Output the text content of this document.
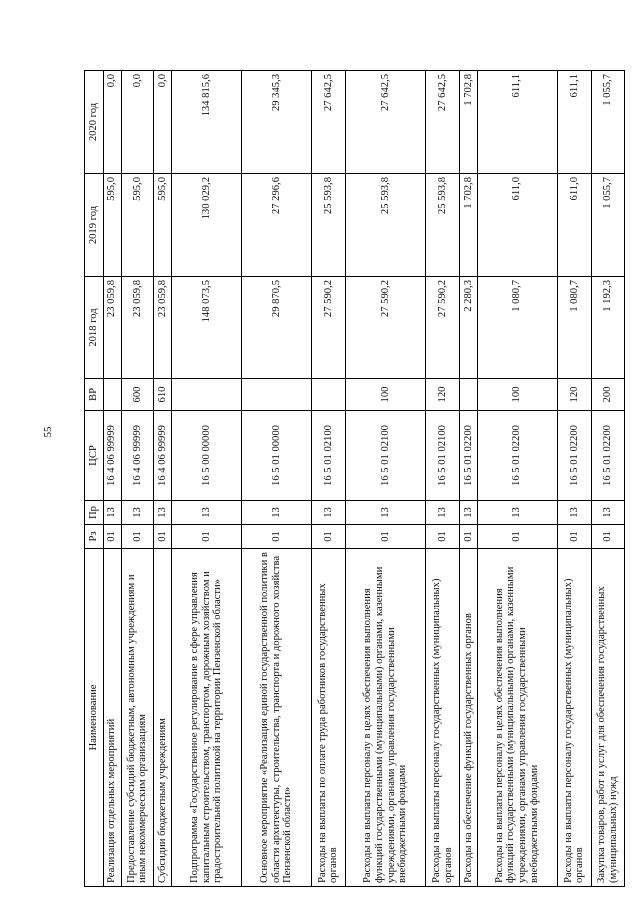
55
Наименование	Рз	Пр	ЦСР	ВР	2018 год	2019 год	2020 год
Реализация отдельных мероприятий	01	13	16 4 06 99999		23 059,8	595,0	0,0
Предоставление субсидий бюджетным, автономным учреждениям и иным некоммерческим организациям	01	13	16 4 06 99999	600	23 059,8	595,0	0,0
Субсидии бюджетным учреждениям	01	13	16 4 06 99999	610	23 059,8	595,0	0,0
Подпрограмма «Государственное регулирование в сфере управления капитальным строительством, транспортом, дорожным хозяйством и градостроительной политикой на территории Пензенской области»	01	13	16 5 00 00000		148 073,5	130 029,2	134 815,6
Основное мероприятие «Реализация единой государственной политики в области архитектуры, строительства, транспорта и дорожного хозяйства Пензенской области»	01	13	16 5 01 00000		29 870,5	27 296,6	29 345,3
Расходы на выплаты по оплате труда работников государственных органов	01	13	16 5 01 02100		27 590,2	25 593,8	27 642,5
Расходы на выплаты персоналу в целях обеспечения выполнения функций государственными (муниципальными) органами, казенными учреждениями, органами управления государственными внебюджетными фондами	01	13	16 5 01 02100	100	27 590,2	25 593,8	27 642,5
Расходы на выплаты персоналу государственных (муниципальных) органов	01	13	16 5 01 02100	120	27 590,2	25 593,8	27 642,5
Расходы на обеспечение функций государственных органов	01	13	16 5 01 02200		2 280,3	1 702,8	1 702,8
Расходы на выплаты персоналу в целях обеспечения выполнения функций государственными (муниципальными) органами, казенными учреждениями, органами управления государственными внебюджетными фондами	01	13	16 5 01 02200	100	1 080,7	611,0	611,1
Расходы на выплаты персоналу государственных (муниципальных) органов	01	13	16 5 01 02200	120	1 080,7	611,0	611,1
Закупка товаров, работ и услуг для обеспечения государственных (муниципальных) нужд	01	13	16 5 01 02200	200	1 192,3	1 055,7	1 055,7
